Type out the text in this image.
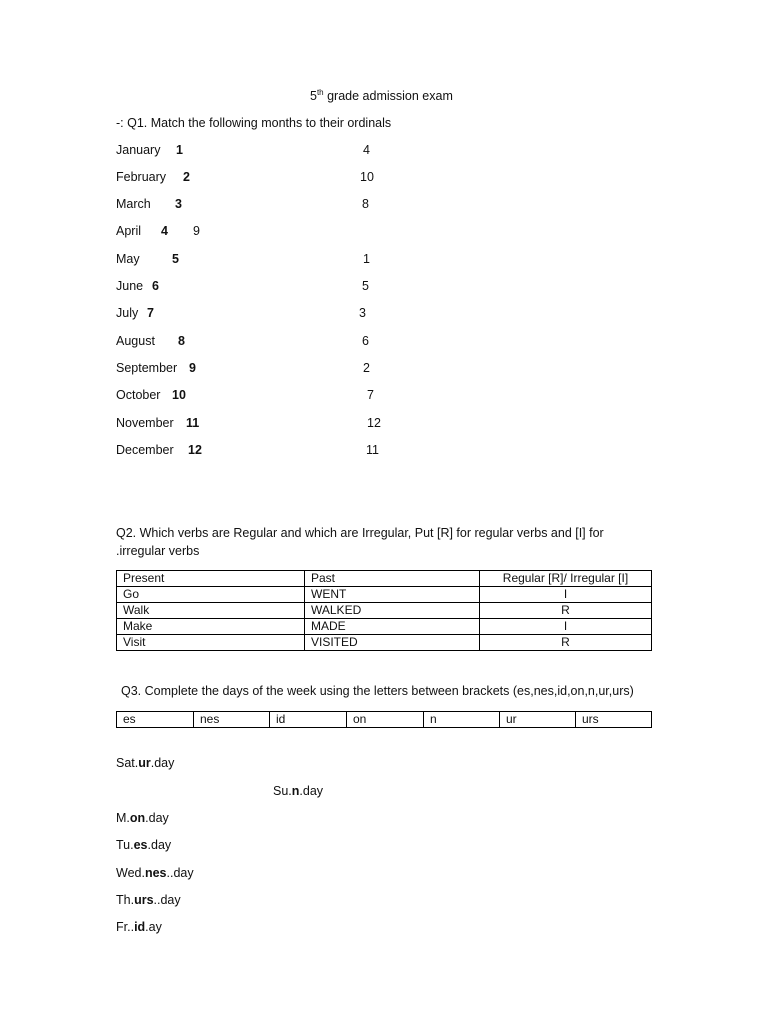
5th grade admission exam
-: Q1. Match the following months to their ordinals
January 1	4
February 2	10
March 3	8
April 4 9
May	5	1
June 6	5
July 7	3
August 8	6
September 9	2
October 10	7
November 11	12
December 12	11
Q2. Which verbs are Regular and which are Irregular, Put [R] for regular verbs and [I] for
.irregular verbs
Present	Past	Regular [R]/ Irregular [I]
Go	WENT	I
Walk	WALKED	R
Make	MADE	I
Visit	VISITED	R
Q3. Complete the days of the week using the letters between brackets (es,nes,id,on,n,ur,urs)
es	nes	id	on	n	ur	urs
Sat.ur.day
Su.n.day
M.on.day
Tu.es.day
Wed.nes..day
Th.urs..day
Fr..id.ay
